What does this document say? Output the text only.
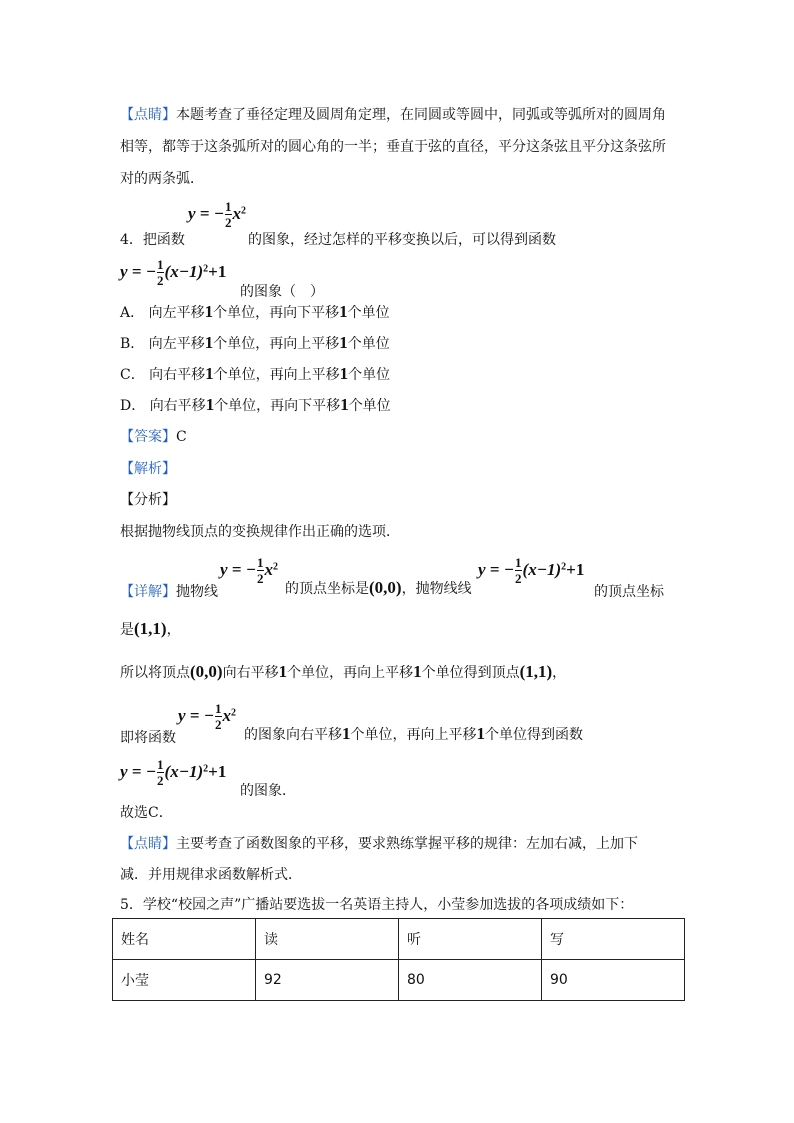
【点睛】本题考查了垂径定理及圆周角定理，在同圆或等圆中，同弧或等弧所对的圆周角
相等，都等于这条弧所对的圆心角的一半；垂直于弦的直径，平分这条弦且平分这条弦所
对的两条弧．
y = − $\frac{1}{2} x^2$
4．把函数	的图象，经过怎样的平移变换以后，可以得到函数
y = − $\frac{1}{2} (x-1)^2+1$
的图象（　）
A． 向左平移1个单位，再向下平移1个单位
B． 向左平移1个单位，再向上平移1个单位
C． 向右平移1个单位，再向上平移1个单位
D． 向右平移1个单位，再向下平移1个单位
【答案】C
【解析】
【分析】
根据抛物线顶点的变换规律作出正确的选项．
y = − $\frac{1}{2} x^2$	y = − $\frac{1}{2} (x-1)^2+1$
【详解】抛物线	的顶点坐标是(0,0)，抛物线线	的顶点坐标
是(1,1)，
所以将顶点(0,0)向右平移1个单位，再向上平移1个单位得到顶点(1,1)，
y = − $\frac{1}{2} x^2$
即将函数	的图象向右平移1个单位，再向上平移1个单位得到函数
y = − $\frac{1}{2} (x-1)^2+1$
的图象．
故选C．
【点睛】主要考查了函数图象的平移，要求熟练掌握平移的规律：左加右减，上加下
减．并用规律求函数解析式．
5．学校“校园之声”广播站要选拔一名英语主持人，小莹参加选拔的各项成绩如下：
姓名	读	听	写
小莹	92	80	90
